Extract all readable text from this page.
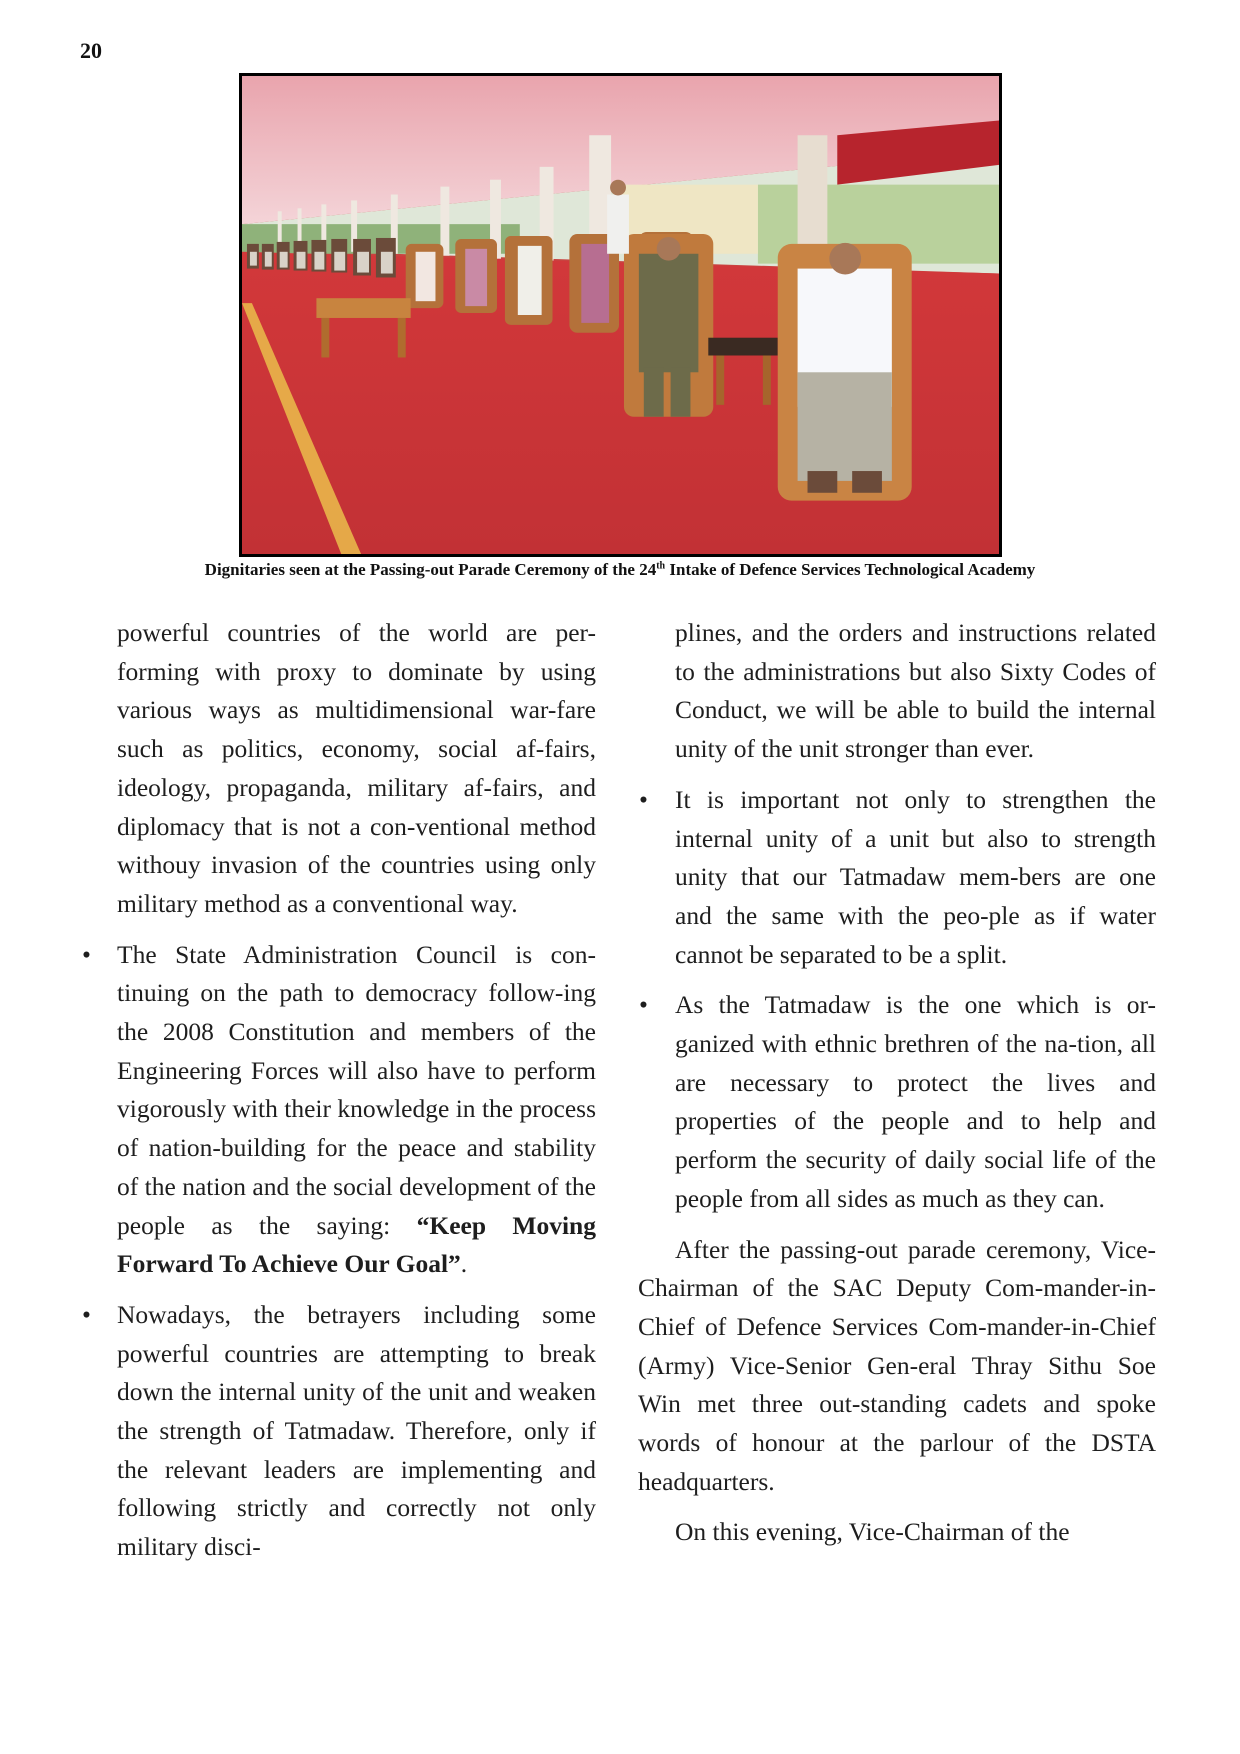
20
Dignitaries seen at the Passing-out Parade Ceremony of the 24th Intake of Defence Services Technological Academy

powerful countries of the world are per-forming with proxy to dominate by using various ways as multidimensional war-fare such as politics, economy, social af-fairs, ideology, propaganda, military af-fairs, and diplomacy that is not a con-ventional method withouy invasion of the countries using only military method as a conventional way.

• The State Administration Council is con-tinuing on the path to democracy follow-ing the 2008 Constitution and members of the Engineering Forces will also have to perform vigorously with their knowledge in the process of nation-building for the peace and stability of the nation and the social development of the people as the saying: “Keep Moving Forward To Achieve Our Goal”.

• Nowadays, the betrayers including some powerful countries are attempting to break down the internal unity of the unit and weaken the strength of Tatmadaw. Therefore, only if the relevant leaders are implementing and following strictly and correctly not only military disci-

plines, and the orders and instructions related to the administrations but also Sixty Codes of Conduct, we will be able to build the internal unity of the unit stronger than ever.

• It is important not only to strengthen the internal unity of a unit but also to strength unity that our Tatmadaw mem-bers are one and the same with the peo-ple as if water cannot be separated to be a split.

• As the Tatmadaw is the one which is or-ganized with ethnic brethren of the na-tion, all are necessary to protect the lives and properties of the people and to help and perform the security of daily social life of the people from all sides as much as they can.

After the passing-out parade ceremony, Vice-Chairman of the SAC Deputy Com-mander-in-Chief of Defence Services Com-mander-in-Chief (Army) Vice-Senior Gen-eral Thray Sithu Soe Win met three out-standing cadets and spoke words of honour at the parlour of the DSTA headquarters.

On this evening, Vice-Chairman of the
